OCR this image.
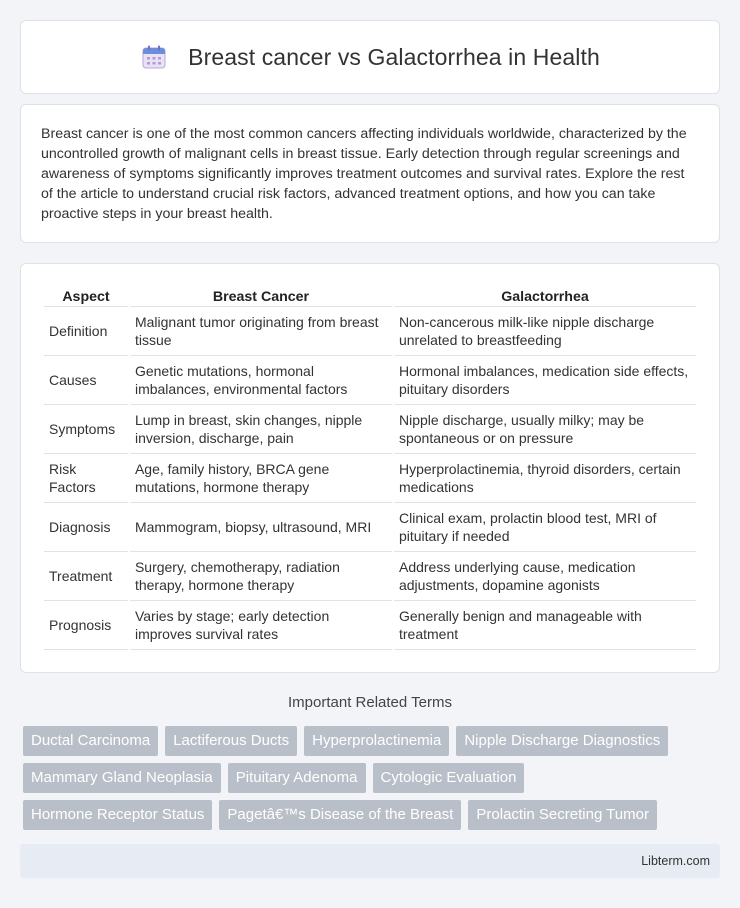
Breast cancer vs Galactorrhea in Health

Breast cancer is one of the most common cancers affecting individuals worldwide, characterized by the uncontrolled growth of malignant cells in breast tissue. Early detection through regular screenings and awareness of symptoms significantly improves treatment outcomes and survival rates. Explore the rest of the article to understand crucial risk factors, advanced treatment options, and how you can take proactive steps in your breast health.

Aspect	Breast Cancer	Galactorrhea
Definition	Malignant tumor originating from breast tissue	Non-cancerous milk-like nipple discharge unrelated to breastfeeding
Causes	Genetic mutations, hormonal imbalances, environmental factors	Hormonal imbalances, medication side effects, pituitary disorders
Symptoms	Lump in breast, skin changes, nipple inversion, discharge, pain	Nipple discharge, usually milky; may be spontaneous or on pressure
Risk Factors	Age, family history, BRCA gene mutations, hormone therapy	Hyperprolactinemia, thyroid disorders, certain medications
Diagnosis	Mammogram, biopsy, ultrasound, MRI	Clinical exam, prolactin blood test, MRI of pituitary if needed
Treatment	Surgery, chemotherapy, radiation therapy, hormone therapy	Address underlying cause, medication adjustments, dopamine agonists
Prognosis	Varies by stage; early detection improves survival rates	Generally benign and manageable with treatment
Important Related Terms
Ductal Carcinoma	Lactiferous Ducts	Hyperprolactinemia	Nipple Discharge Diagnostics
Mammary Gland Neoplasia	Pituitary Adenoma	Cytologic Evaluation
Hormone Receptor Status	Pagetâ€™s Disease of the Breast	Prolactin Secreting Tumor
Libterm.com
